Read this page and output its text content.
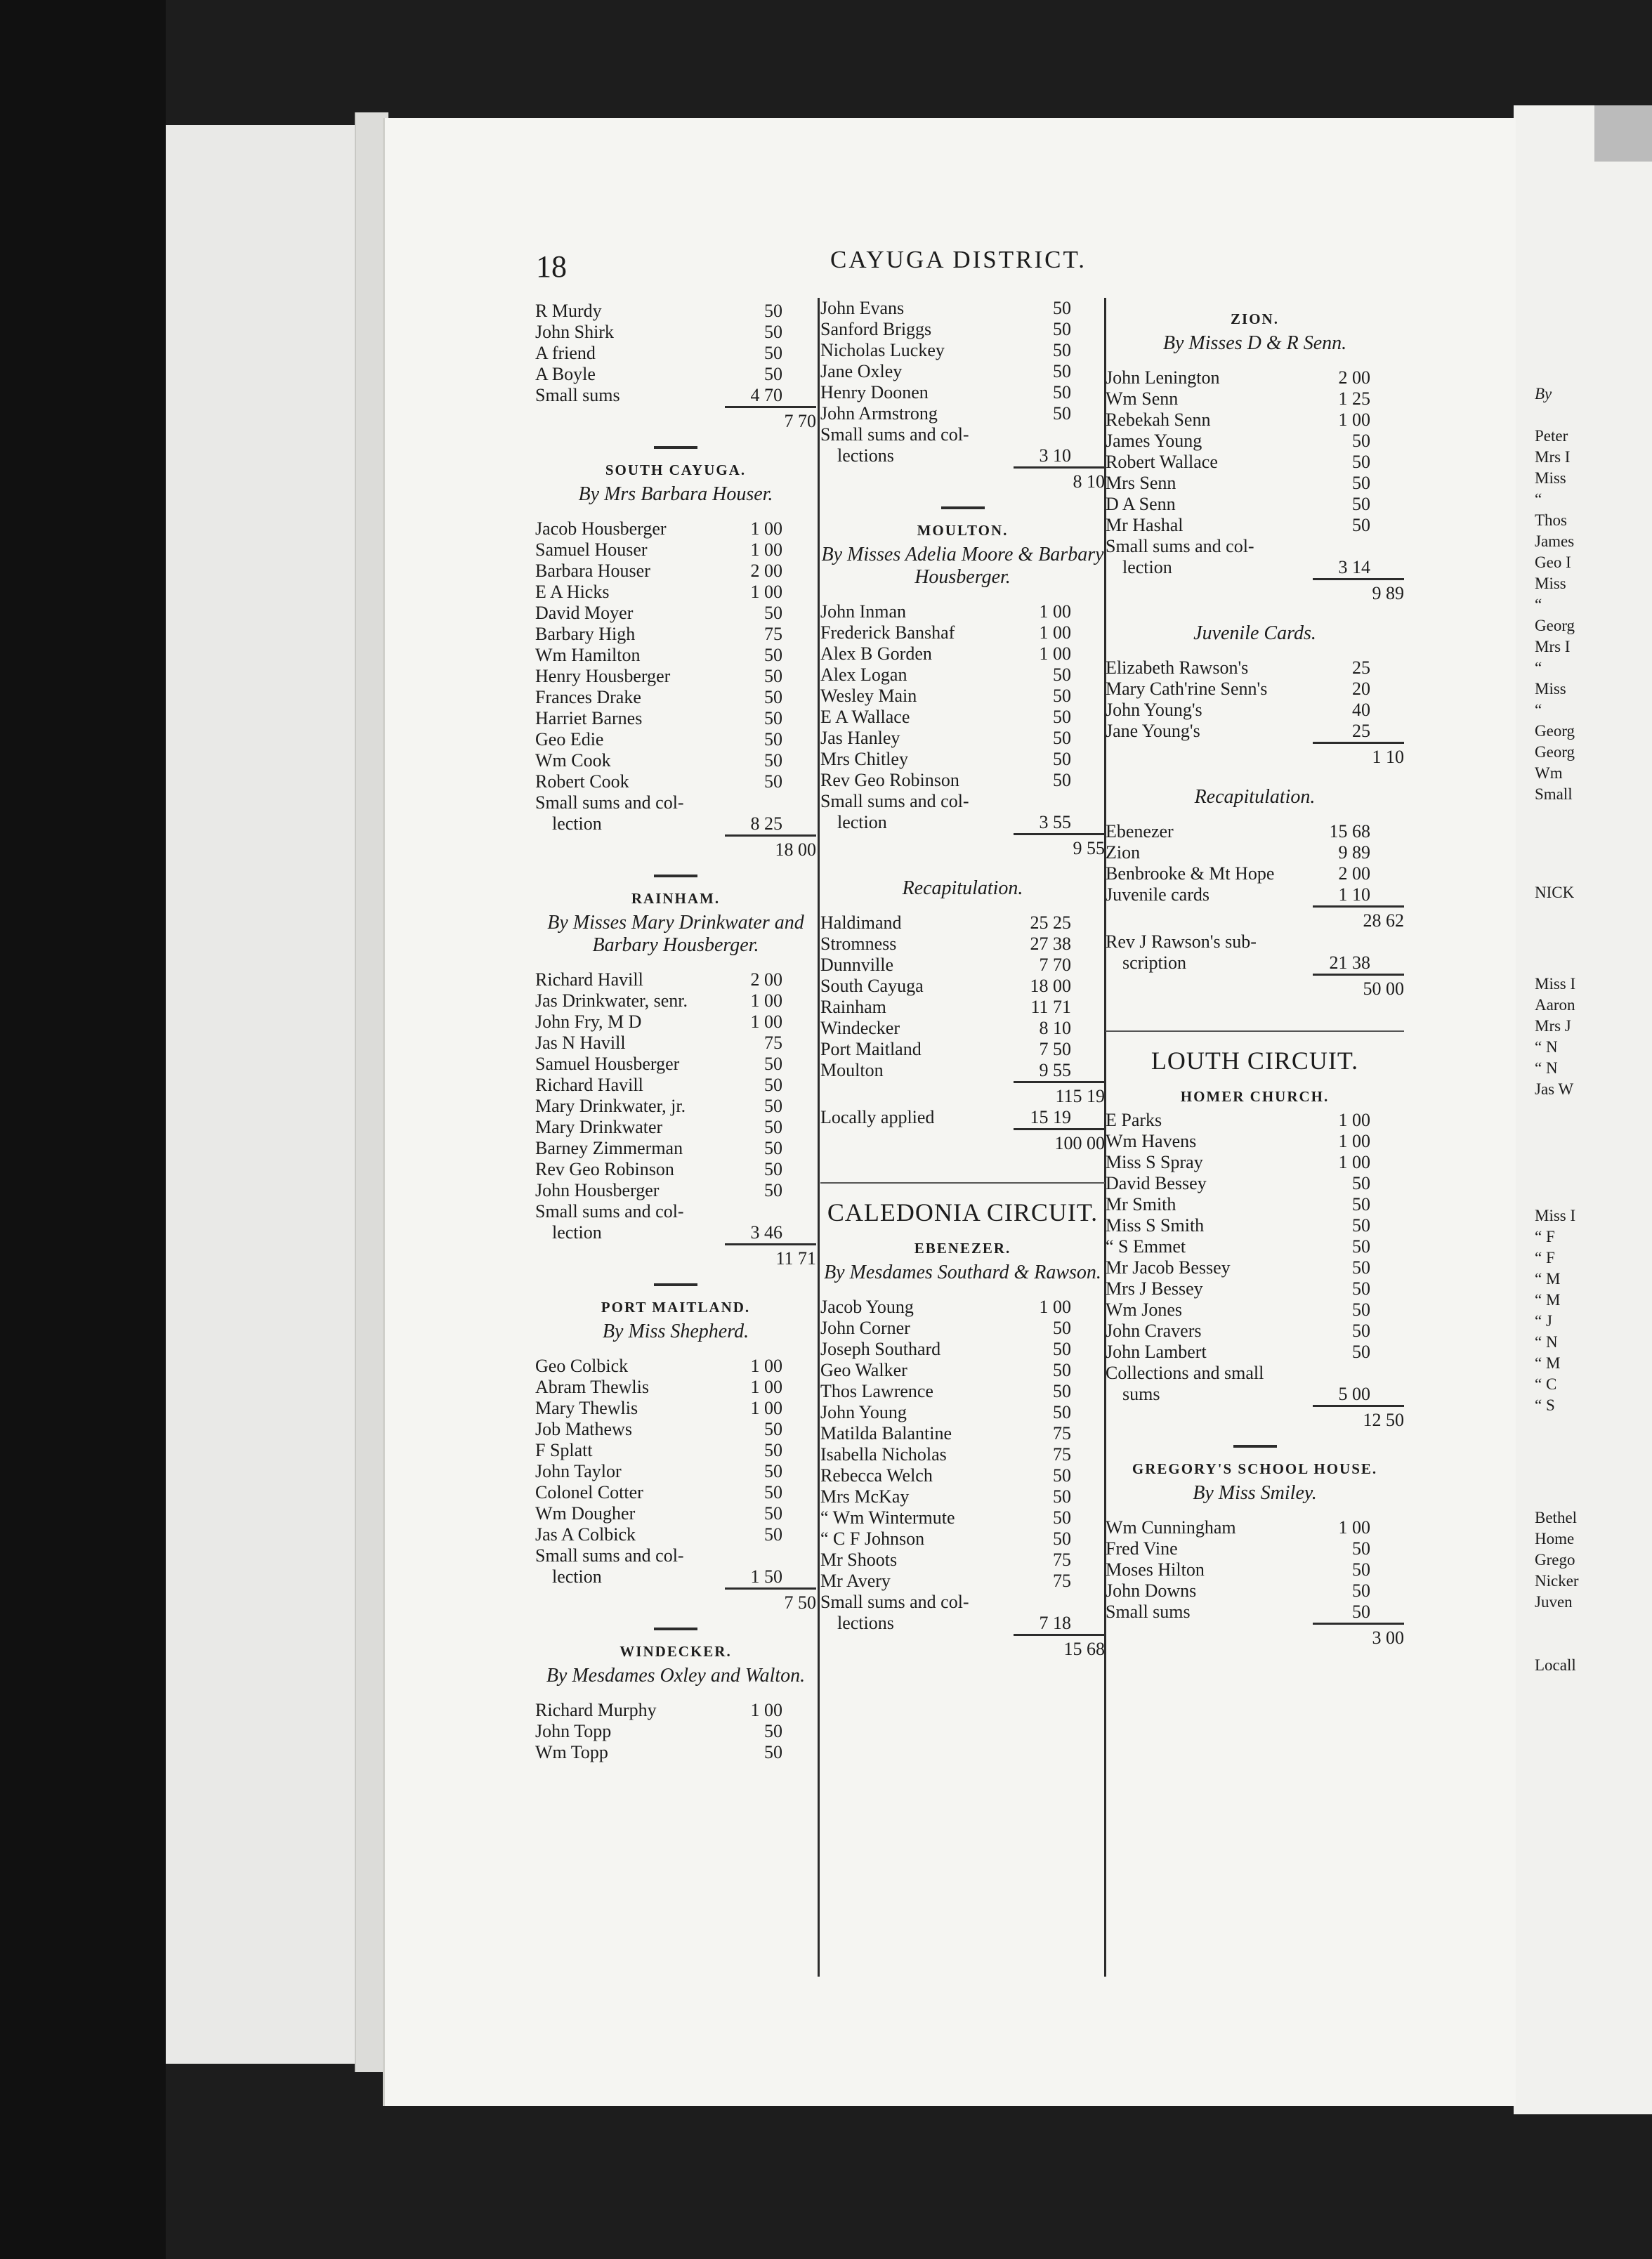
By
Peter
Mrs I
Miss
“
Thos
James
Geo I
Miss
“
Georg
Mrs I
“
Miss
“
Georg
Georg
Wm
Small
NICK
Miss I
Aaron
Mrs J
“ N
“ N
Jas W
Miss I
“ F
“ F
“ M
“ M
“ J
“ N
“ M
“ C
“ S
Bethel
Home
Grego
Nicker
Juven
Locall
18	CAYUGA DISTRICT.
R Murdy	50
John Shirk	50
A friend	50
A Boyle	50
Small sums	4 70
7 70
SOUTH CAYUGA.
By Mrs Barbara Houser.
Jacob Housberger	1 00
Samuel Houser	1 00
Barbara Houser	2 00
E A Hicks	1 00
David Moyer	50
Barbary High	75
Wm Hamilton	50
Henry Housberger	50
Frances Drake	50
Harriet Barnes	50
Geo Edie	50
Wm Cook	50
Robert Cook	50
Small sums and col-
lection	8 25
18 00
RAINHAM.
By Misses Mary Drinkwater and Barbary Housberger.
Richard Havill	2 00
Jas Drinkwater, senr.	1 00
John Fry, M D	1 00
Jas N Havill	75
Samuel Housberger	50
Richard Havill	50
Mary Drinkwater, jr.	50
Mary Drinkwater	50
Barney Zimmerman	50
Rev Geo Robinson	50
John Housberger	50
Small sums and col-
lection	3 46
11 71
PORT MAITLAND.
By Miss Shepherd.
Geo Colbick	1 00
Abram Thewlis	1 00
Mary Thewlis	1 00
Job Mathews	50
F Splatt	50
John Taylor	50
Colonel Cotter	50
Wm Dougher	50
Jas A Colbick	50
Small sums and col-
lection	1 50
7 50
WINDECKER.
By Mesdames Oxley and Walton.
Richard Murphy	1 00
John Topp	50
Wm Topp	50
John Evans	50
Sanford Briggs	50
Nicholas Luckey	50
Jane Oxley	50
Henry Doonen	50
John Armstrong	50
Small sums and col-
lections	3 10
8 10
MOULTON.
By Misses Adelia Moore & Barbary Housberger.
John Inman	1 00
Frederick Banshaf	1 00
Alex B Gorden	1 00
Alex Logan	50
Wesley Main	50
E A Wallace	50
Jas Hanley	50
Mrs Chitley	50
Rev Geo Robinson	50
Small sums and col-
lection	3 55
9 55
Recapitulation.
Haldimand	25 25
Stromness	27 38
Dunnville	7 70
South Cayuga	18 00
Rainham	11 71
Windecker	8 10
Port Maitland	7 50
Moulton	9 55
115 19
Locally applied	15 19
100 00
CALEDONIA CIRCUIT.
EBENEZER.
By Mesdames Southard & Rawson.
Jacob Young	1 00
John Corner	50
Joseph Southard	50
Geo Walker	50
Thos Lawrence	50
John Young	50
Matilda Balantine	75
Isabella Nicholas	75
Rebecca Welch	50
Mrs McKay	50
“ Wm Wintermute	50
“ C F Johnson	50
Mr Shoots	75
Mr Avery	75
Small sums and col-
lections	7 18
15 68
ZION.
By Misses D & R Senn.
John Lenington	2 00
Wm Senn	1 25
Rebekah Senn	1 00
James Young	50
Robert Wallace	50
Mrs Senn	50
D A Senn	50
Mr Hashal	50
Small sums and col-
lection	3 14
9 89
Juvenile Cards.
Elizabeth Rawson's	25
Mary Cath'rine Senn's	20
John Young's	40
Jane Young's	25
1 10
Recapitulation.
Ebenezer	15 68
Zion	9 89
Benbrooke & Mt Hope	2 00
Juvenile cards	1 10
28 62
Rev J Rawson's sub-
scription	21 38
50 00
LOUTH CIRCUIT.
HOMER CHURCH.
E Parks	1 00
Wm Havens	1 00
Miss S Spray	1 00
David Bessey	50
Mr Smith	50
Miss S Smith	50
“ S Emmet	50
Mr Jacob Bessey	50
Mrs J Bessey	50
Wm Jones	50
John Cravers	50
John Lambert	50
Collections and small
sums	5 00
12 50
GREGORY'S SCHOOL HOUSE.
By Miss Smiley.
Wm Cunningham	1 00
Fred Vine	50
Moses Hilton	50
John Downs	50
Small sums	50
3 00
